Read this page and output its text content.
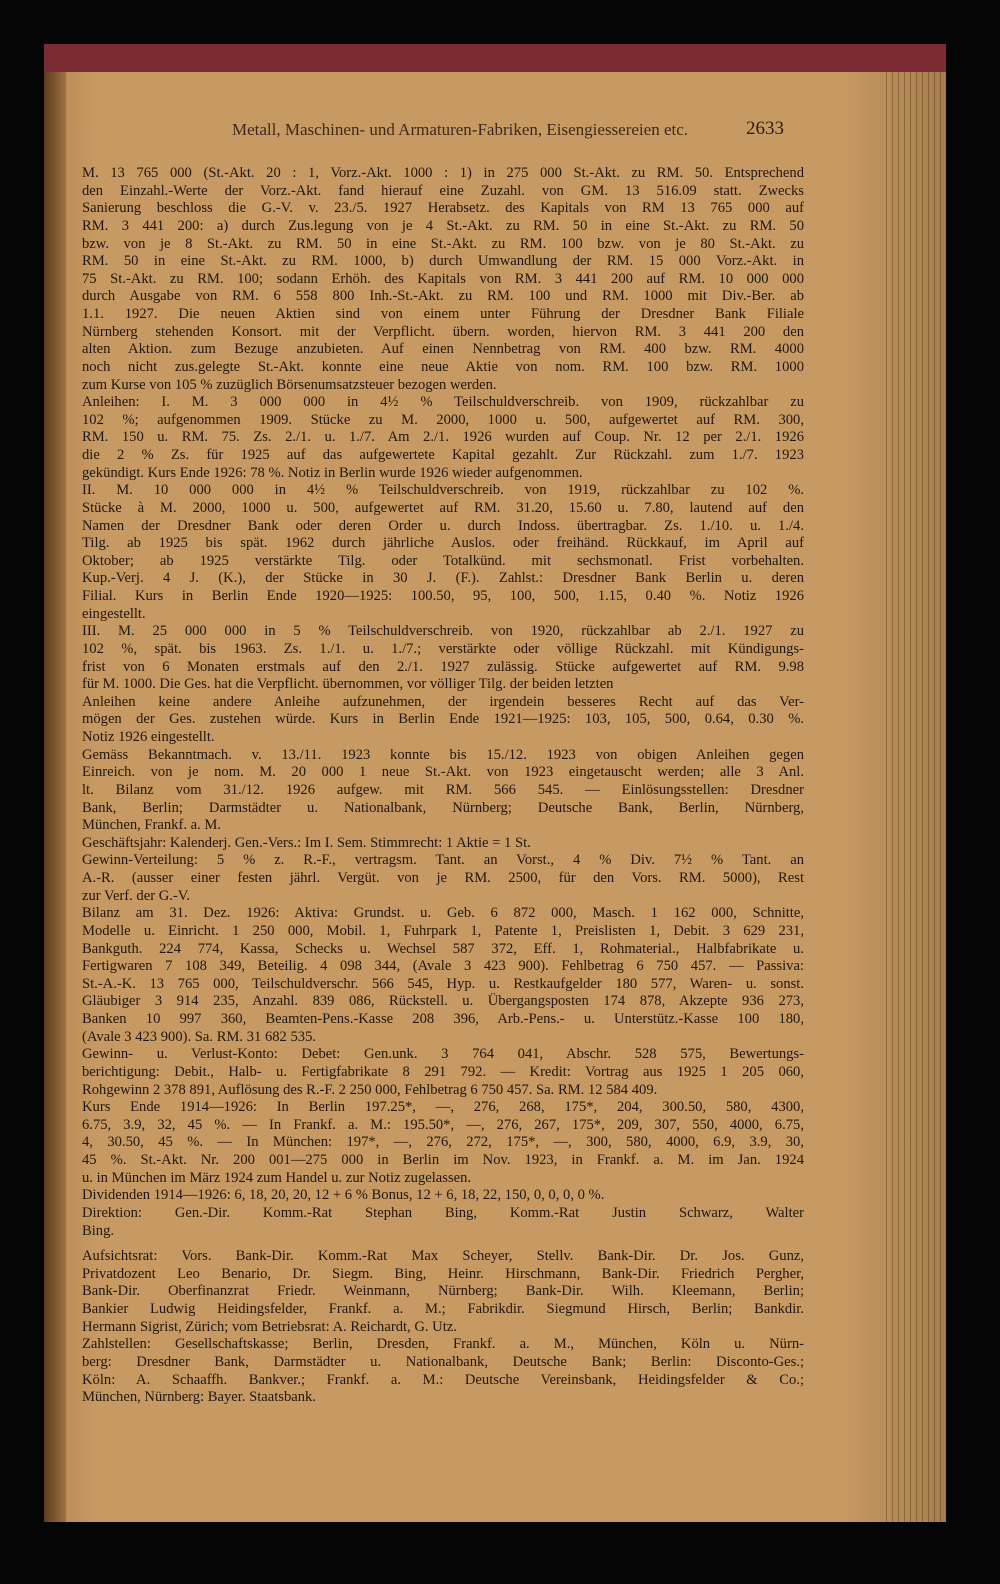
Metall, Maschinen- und Armaturen-Fabriken, Eisengiessereien etc.	2633
M. 13 765 000 (St.-Akt. 20 : 1, Vorz.-Akt. 1000 : 1) in 275 000 St.-Akt. zu RM. 50. Entsprechend
den Einzahl.-Werte der Vorz.-Akt. fand hierauf eine Zuzahl. von GM. 13 516.09 statt. Zwecks
Sanierung beschloss die G.-V. v. 23./5. 1927 Herabsetz. des Kapitals von RM 13 765 000 auf
RM. 3 441 200: a) durch Zus.legung von je 4 St.-Akt. zu RM. 50 in eine St.-Akt. zu RM. 50
bzw. von je 8 St.-Akt. zu RM. 50 in eine St.-Akt. zu RM. 100 bzw. von je 80 St.-Akt. zu
RM. 50 in eine St.-Akt. zu RM. 1000, b) durch Umwandlung der RM. 15 000 Vorz.-Akt. in
75 St.-Akt. zu RM. 100; sodann Erhöh. des Kapitals von RM. 3 441 200 auf RM. 10 000 000
durch Ausgabe von RM. 6 558 800 Inh.-St.-Akt. zu RM. 100 und RM. 1000 mit Div.-Ber. ab
1.1. 1927. Die neuen Aktien sind von einem unter Führung der Dresdner Bank Filiale
Nürnberg stehenden Konsort. mit der Verpflicht. übern. worden, hiervon RM. 3 441 200 den
alten Aktion. zum Bezuge anzubieten. Auf einen Nennbetrag von RM. 400 bzw. RM. 4000
noch nicht zus.gelegte St.-Akt. konnte eine neue Aktie von nom. RM. 100 bzw. RM. 1000
zum Kurse von 105 % zuzüglich Börsenumsatzsteuer bezogen werden.
Anleihen: I. M. 3 000 000 in 4½ % Teilschuldverschreib. von 1909, rückzahlbar zu
102 %; aufgenommen 1909. Stücke zu M. 2000, 1000 u. 500, aufgewertet auf RM. 300,
RM. 150 u. RM. 75. Zs. 2./1. u. 1./7. Am 2./1. 1926 wurden auf Coup. Nr. 12 per 2./1. 1926
die 2 % Zs. für 1925 auf das aufgewertete Kapital gezahlt. Zur Rückzahl. zum 1./7. 1923
gekündigt. Kurs Ende 1926: 78 %. Notiz in Berlin wurde 1926 wieder aufgenommen.
II. M. 10 000 000 in 4½ % Teilschuldverschreib. von 1919, rückzahlbar zu 102 %.
Stücke à M. 2000, 1000 u. 500, aufgewertet auf RM. 31.20, 15.60 u. 7.80, lautend auf den
Namen der Dresdner Bank oder deren Order u. durch Indoss. übertragbar. Zs. 1./10. u. 1./4.
Tilg. ab 1925 bis spät. 1962 durch jährliche Auslos. oder freihänd. Rückkauf, im April auf
Oktober; ab 1925 verstärkte Tilg. oder Totalkünd. mit sechsmonatl. Frist vorbehalten.
Kup.-Verj. 4 J. (K.), der Stücke in 30 J. (F.). Zahlst.: Dresdner Bank Berlin u. deren
Filial. Kurs in Berlin Ende 1920—1925: 100.50, 95, 100, 500, 1.15, 0.40 %. Notiz 1926
eingestellt.
III. M. 25 000 000 in 5 % Teilschuldverschreib. von 1920, rückzahlbar ab 2./1. 1927 zu
102 %, spät. bis 1963. Zs. 1./1. u. 1./7.; verstärkte oder völlige Rückzahl. mit Kündigungs-
frist von 6 Monaten erstmals auf den 2./1. 1927 zulässig. Stücke aufgewertet auf RM. 9.98
für M. 1000. Die Ges. hat die Verpflicht. übernommen, vor völliger Tilg. der beiden letzten
Anleihen keine andere Anleihe aufzunehmen, der irgendein besseres Recht auf das Ver-
mögen der Ges. zustehen würde. Kurs in Berlin Ende 1921—1925: 103, 105, 500, 0.64, 0.30 %.
Notiz 1926 eingestellt.
Gemäss Bekanntmach. v. 13./11. 1923 konnte bis 15./12. 1923 von obigen Anleihen gegen
Einreich. von je nom. M. 20 000 1 neue St.-Akt. von 1923 eingetauscht werden; alle 3 Anl.
lt. Bilanz vom 31./12. 1926 aufgew. mit RM. 566 545. — Einlösungsstellen: Dresdner
Bank, Berlin; Darmstädter u. Nationalbank, Nürnberg; Deutsche Bank, Berlin, Nürnberg,
München, Frankf. a. M.
Geschäftsjahr: Kalenderj. Gen.-Vers.: Im I. Sem. Stimmrecht: 1 Aktie = 1 St.
Gewinn-Verteilung: 5 % z. R.-F., vertragsm. Tant. an Vorst., 4 % Div. 7½ % Tant. an
A.-R. (ausser einer festen jährl. Vergüt. von je RM. 2500, für den Vors. RM. 5000), Rest
zur Verf. der G.-V.
Bilanz am 31. Dez. 1926: Aktiva: Grundst. u. Geb. 6 872 000, Masch. 1 162 000, Schnitte,
Modelle u. Einricht. 1 250 000, Mobil. 1, Fuhrpark 1, Patente 1, Preislisten 1, Debit. 3 629 231,
Bankguth. 224 774, Kassa, Schecks u. Wechsel 587 372, Eff. 1, Rohmaterial., Halbfabrikate u.
Fertigwaren 7 108 349, Beteilig. 4 098 344, (Avale 3 423 900). Fehlbetrag 6 750 457. — Passiva:
St.-A.-K. 13 765 000, Teilschuldverschr. 566 545, Hyp. u. Restkaufgelder 180 577, Waren- u. sonst.
Gläubiger 3 914 235, Anzahl. 839 086, Rückstell. u. Übergangsposten 174 878, Akzepte 936 273,
Banken 10 997 360, Beamten-Pens.-Kasse 208 396, Arb.-Pens.- u. Unterstütz.-Kasse 100 180,
(Avale 3 423 900). Sa. RM. 31 682 535.
Gewinn- u. Verlust-Konto: Debet: Gen.unk. 3 764 041, Abschr. 528 575, Bewertungs-
berichtigung: Debit., Halb- u. Fertigfabrikate 8 291 792. — Kredit: Vortrag aus 1925 1 205 060,
Rohgewinn 2 378 891, Auflösung des R.-F. 2 250 000, Fehlbetrag 6 750 457. Sa. RM. 12 584 409.
Kurs Ende 1914—1926: In Berlin 197.25*, —, 276, 268, 175*, 204, 300.50, 580, 4300,
6.75, 3.9, 32, 45 %. — In Frankf. a. M.: 195.50*, —, 276, 267, 175*, 209, 307, 550, 4000, 6.75,
4, 30.50, 45 %. — In München: 197*, —, 276, 272, 175*, —, 300, 580, 4000, 6.9, 3.9, 30,
45 %. St.-Akt. Nr. 200 001—275 000 in Berlin im Nov. 1923, in Frankf. a. M. im Jan. 1924
u. in München im März 1924 zum Handel u. zur Notiz zugelassen.
Dividenden 1914—1926: 6, 18, 20, 20, 12 + 6 % Bonus, 12 + 6, 18, 22, 150, 0, 0, 0, 0 %.
Direktion: Gen.-Dir. Komm.-Rat Stephan Bing, Komm.-Rat Justin Schwarz, Walter
Bing.
Aufsichtsrat: Vors. Bank-Dir. Komm.-Rat Max Scheyer, Stellv. Bank-Dir. Dr. Jos. Gunz,
Privatdozent Leo Benario, Dr. Siegm. Bing, Heinr. Hirschmann, Bank-Dir. Friedrich Pergher,
Bank-Dir. Oberfinanzrat Friedr. Weinmann, Nürnberg; Bank-Dir. Wilh. Kleemann, Berlin;
Bankier Ludwig Heidingsfelder, Frankf. a. M.; Fabrikdir. Siegmund Hirsch, Berlin; Bankdir.
Hermann Sigrist, Zürich; vom Betriebsrat: A. Reichardt, G. Utz.
Zahlstellen: Gesellschaftskasse; Berlin, Dresden, Frankf. a. M., München, Köln u. Nürn-
berg: Dresdner Bank, Darmstädter u. Nationalbank, Deutsche Bank; Berlin: Disconto-Ges.;
Köln: A. Schaaffh. Bankver.; Frankf. a. M.: Deutsche Vereinsbank, Heidingsfelder & Co.;
München, Nürnberg: Bayer. Staatsbank.
